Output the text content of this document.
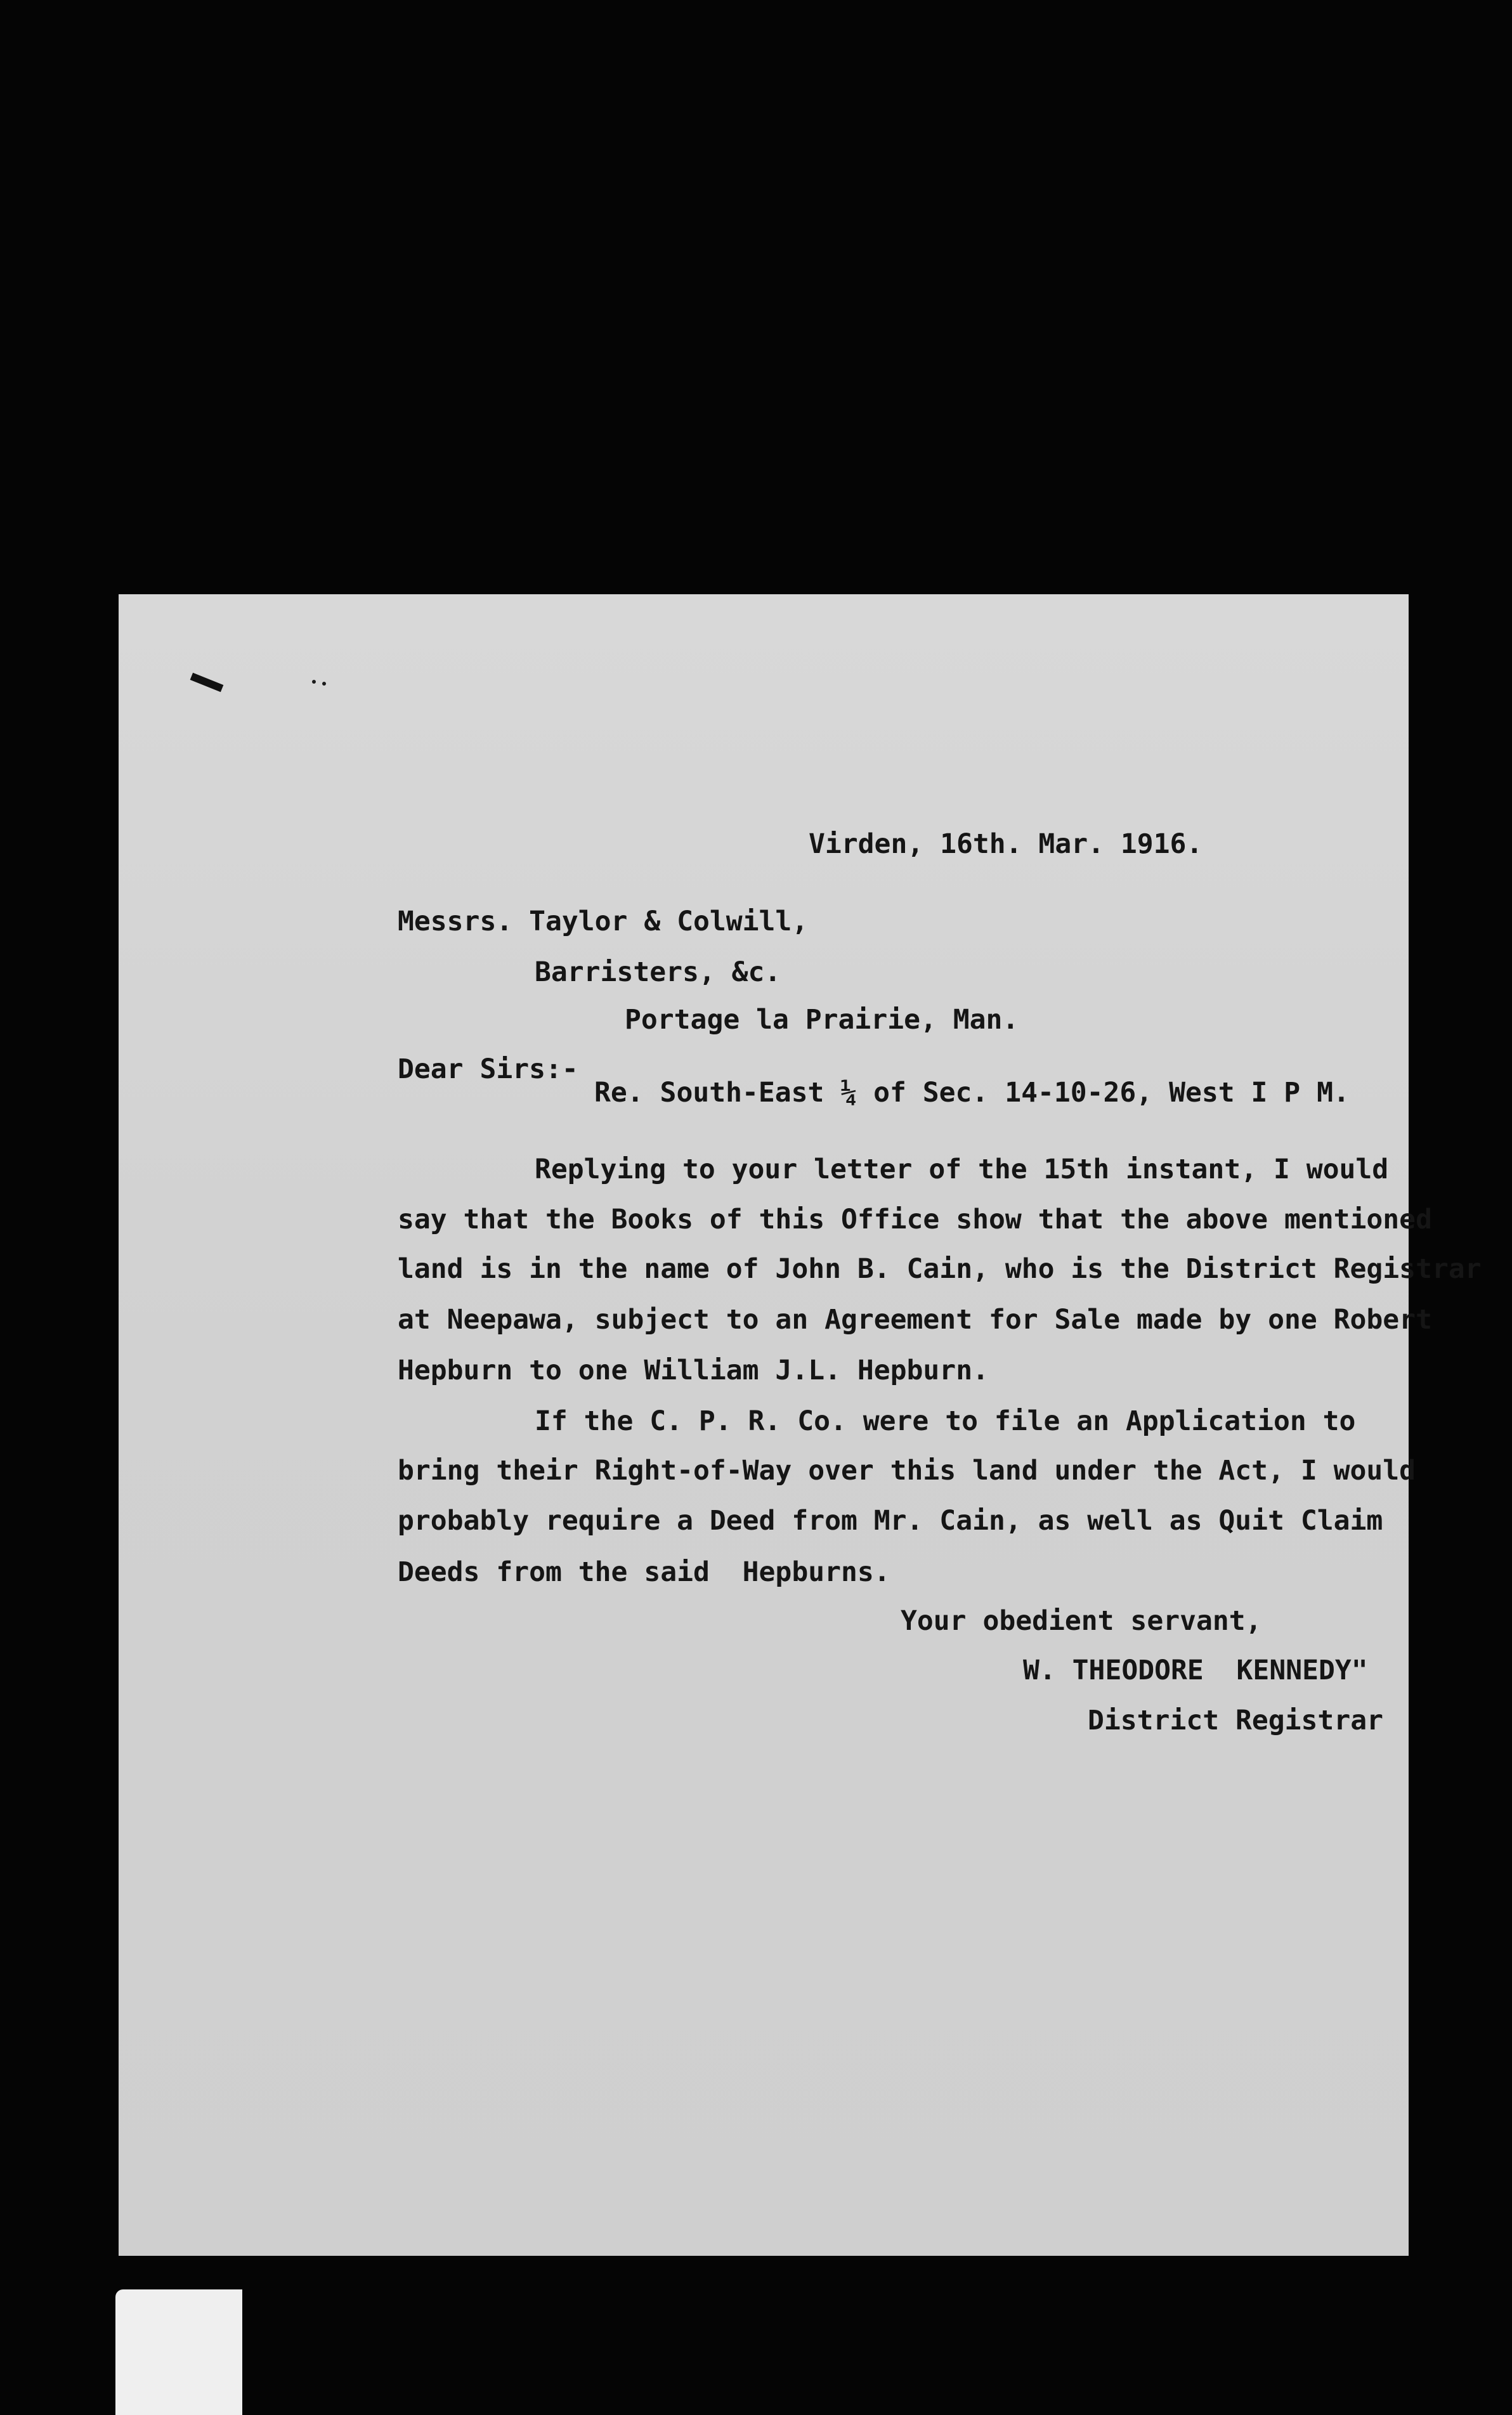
Virden, 16th. Mar. 1916.
Messrs. Taylor & Colwill,
Barristers, &c.
Portage la Prairie, Man.
Dear Sirs:-
Re. South-East ¼ of Sec. 14-10-26, West I P M.
Replying to your letter of the 15th instant, I would
say that the Books of this Office show that the above mentioned
land is in the name of John B. Cain, who is the District Registrar
at Neepawa, subject to an Agreement for Sale made by one Robert
Hepburn to one William J.L. Hepburn.
If the C. P. R. Co. were to file an Application to
bring their Right-of-Way over this land under the Act, I would
probably require a Deed from Mr. Cain, as well as Quit Claim
Deeds from the said  Hepburns.
Your obedient servant,
W. THEODORE  KENNEDY"
District Registrar
